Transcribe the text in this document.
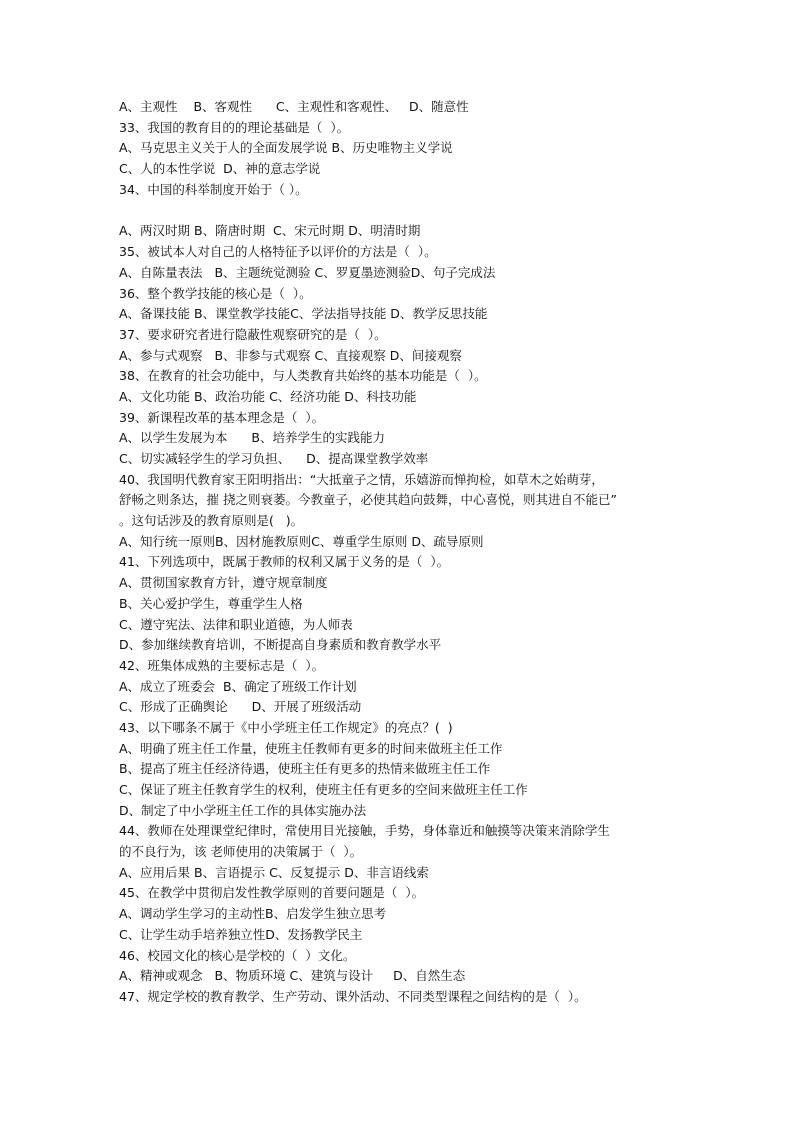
A、主观性    B、客观性      C、主观性和客观性、   D、随意性
33、我国的教育目的的理论基础是（  ）。
A、马克思主义关于人的全面发展学说 B、历史唯物主义学说
C、人的本性学说  D、神的意志学说
34、中国的科举制度开始于（ ）。
A、两汉时期 B、隋唐时期  C、宋元时期 D、明清时期
35、被试本人对自己的人格特征予以评价的方法是（  ）。
A、自陈量表法   B、主题统觉测验 C、罗夏墨迹测验D、句子完成法
36、整个教学技能的核心是（  ）。
A、备课技能 B、课堂教学技能C、学法指导技能 D、教学反思技能
37、要求研究者进行隐蔽性观察研究的是（  ）。
A、参与式观察   B、非参与式观察 C、直接观察 D、间接观察
38、在教育的社会功能中，与人类教育共始终的基本功能是（  ）。
A、文化功能 B、政治功能 C、经济功能 D、科技功能
39、新课程改革的基本理念是（  ）。
A、以学生发展为本      B、培养学生的实践能力
C、切实减轻学生的学习负担、    D、提高课堂教学效率
40、我国明代教育家王阳明指出：“大抵童子之情，乐嬉游而惮拘检，如草木之始萌芽，
舒畅之则条达，摧 挠之则衰萎。今教童子，必使其趋向鼓舞，中心喜悦，则其进自不能已”
。这句话涉及的教育原则是(   )。
A、知行统一原则B、因材施教原则C、尊重学生原则 D、疏导原则
41、下列选项中，既属于教师的权利又属于义务的是（  ）。
A、贯彻国家教育方针，遵守规章制度
B、关心爱护学生，尊重学生人格
C、遵守宪法、法律和职业道德，为人师表
D、参加继续教育培训，不断提高自身素质和教育教学水平
42、班集体成熟的主要标志是（  ）。
A、成立了班委会  B、确定了班级工作计划
C、形成了正确舆论      D、开展了班级活动
43、以下哪条不属于《中小学班主任工作规定》的亮点？(  )
A、明确了班主任工作量，使班主任教师有更多的时间来做班主任工作
B、提高了班主任经济待遇，使班主任有更多的热情来做班主任工作
C、保证了班主任教育学生的权利，使班主任有更多的空间来做班主任工作
D、制定了中小学班主任工作的具体实施办法
44、教师在处理课堂纪律时，常使用目光接触，手势，身体靠近和触摸等决策来消除学生
的不良行为，该 老师使用的决策属于（  ）。
A、应用后果 B、言语提示 C、反复提示 D、非言语线索
45、在教学中贯彻启发性教学原则的首要问题是（  ）。
A、调动学生学习的主动性B、启发学生独立思考
C、让学生动手培养独立性D、发扬教学民主
46、校园文化的核心是学校的（  ）文化。
A、精神或观念   B、物质环境 C、建筑与设计     D、自然生态
47、规定学校的教育教学、生产劳动、课外活动、不同类型课程之间结构的是（  ）。
